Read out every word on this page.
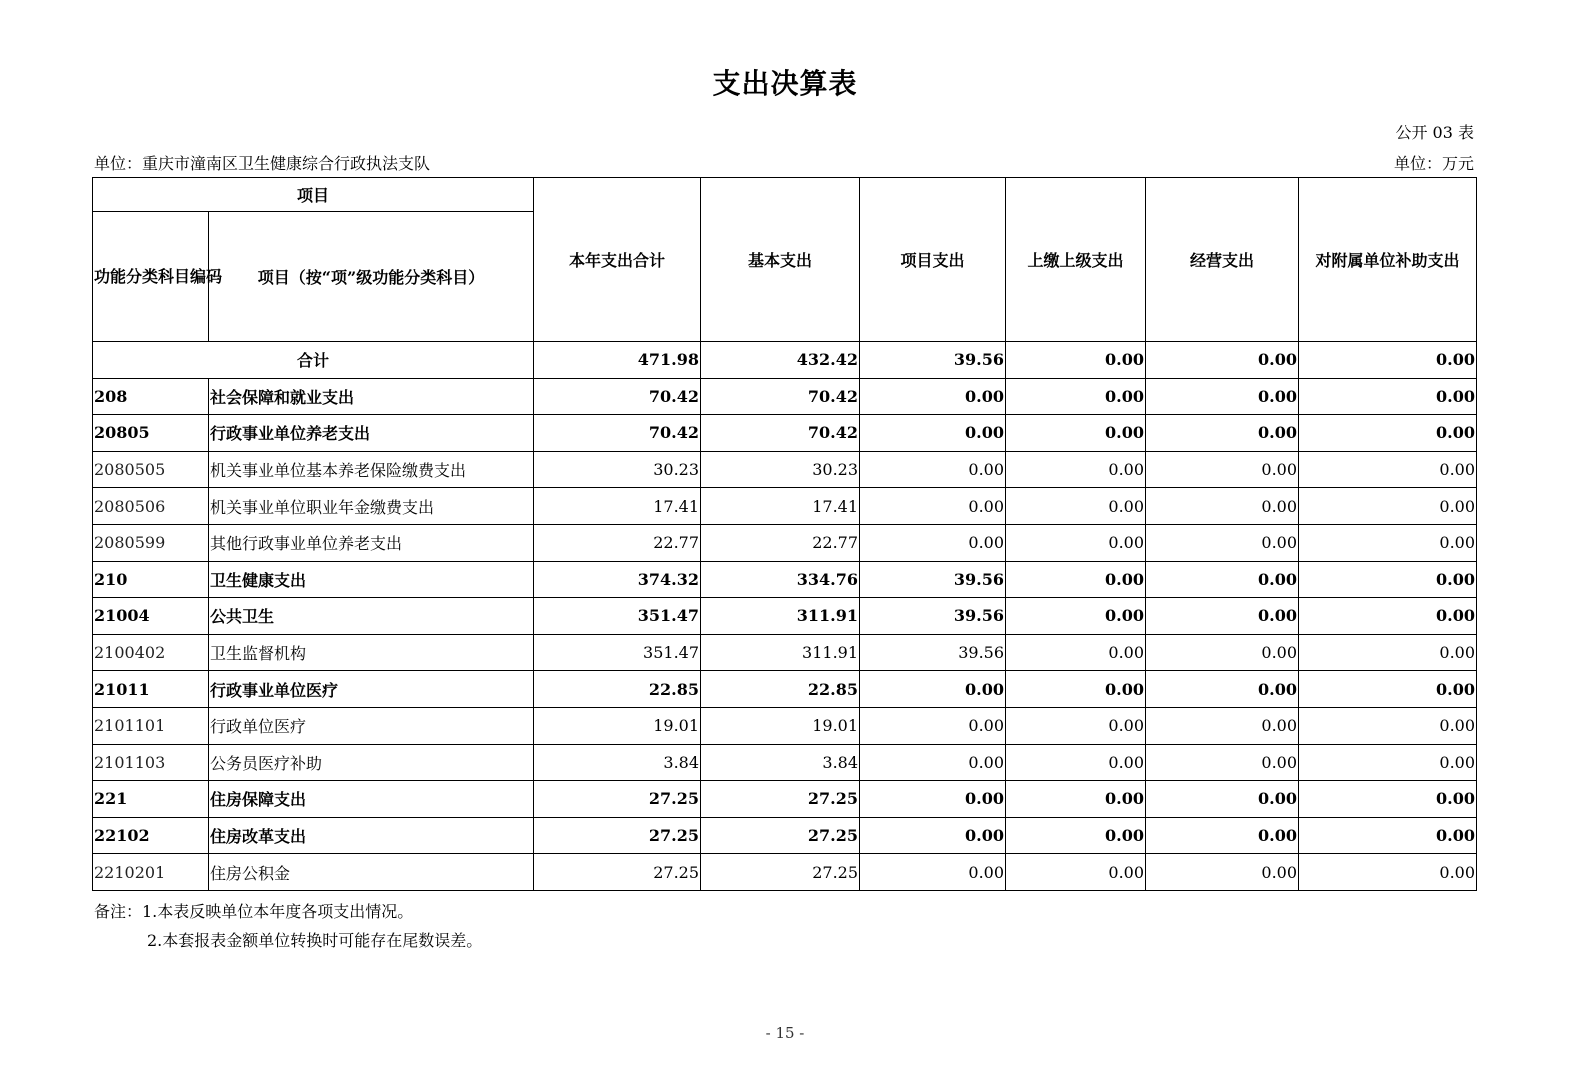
支出决算表
公开 03 表
单位：重庆市潼南区卫生健康综合行政执法支队	单位：万元
项目		本年支出合计	基本支出	项目支出	上缴上级支出	经营支出	对附属单位补助支出
功能分类科目编码	项目（按“项”级功能分类科目）						
合计		471.98	432.42	39.56	0.00	0.00	0.00
208	社会保障和就业支出	70.42	70.42	0.00	0.00	0.00	0.00
20805	行政事业单位养老支出	70.42	70.42	0.00	0.00	0.00	0.00
2080505	机关事业单位基本养老保险缴费支出	30.23	30.23	0.00	0.00	0.00	0.00
2080506	机关事业单位职业年金缴费支出	17.41	17.41	0.00	0.00	0.00	0.00
2080599	其他行政事业单位养老支出	22.77	22.77	0.00	0.00	0.00	0.00
210	卫生健康支出	374.32	334.76	39.56	0.00	0.00	0.00
21004	公共卫生	351.47	311.91	39.56	0.00	0.00	0.00
2100402	卫生监督机构	351.47	311.91	39.56	0.00	0.00	0.00
21011	行政事业单位医疗	22.85	22.85	0.00	0.00	0.00	0.00
2101101	行政单位医疗	19.01	19.01	0.00	0.00	0.00	0.00
2101103	公务员医疗补助	3.84	3.84	0.00	0.00	0.00	0.00
221	住房保障支出	27.25	27.25	0.00	0.00	0.00	0.00
22102	住房改革支出	27.25	27.25	0.00	0.00	0.00	0.00
2210201	住房公积金	27.25	27.25	0.00	0.00	0.00	0.00
备注：1.本表反映单位本年度各项支出情况。
2.本套报表金额单位转换时可能存在尾数误差。
- 15 -
